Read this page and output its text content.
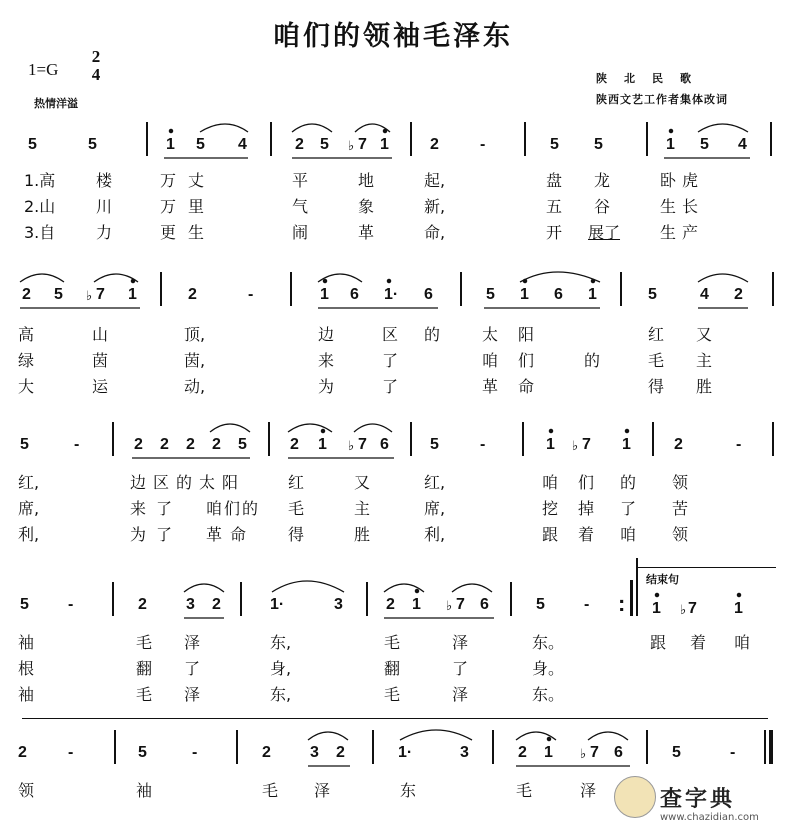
咱们的领袖毛泽东
1=G
2
4
热情洋溢
陕　北　民　歌
陕西文艺工作者集体改词
5	5	1 5 4	2 5 7 1	2	-	5 5	1 5 4
1.高	楼	万丈	平	地	起,	盘 龙	卧虎
2.山	川	万里	气	象	新,	五 谷	生长
3.自	力	更生	闹	革	命,	开 展了 生产
2 5 7 1	2	-	1 6 1· 6	5 1 6 1	5	4 2
高	山	顶,	边	区 的	太 阳	红 又
绿	茵	茵,	来	了	咱 们	的	毛 主
大	运	动,	为	了	革 命	得 胜
5	-	2 2 2 2 5	2 1 7 6	5	-	1 7 1	2	-
红,	边区的太阳	红	又	红,	咱 们 的 领
席,	来了 咱们的 毛	主	席,	挖 掉 了 苦
利,	为了 革命 得	胜	利,	跟 着 咱 领
5 -	2 3 2	1·	3	2 1 7 6	5 - :
结束句
1 7 1
袖	毛 泽	东,	毛	泽	东。	跟 着 咱
根	翻 了	身,	翻	了	身。
袖	毛 泽	东,	毛	泽	东。
2	-	5	-	2 3 2	1·	3	2 1 7 6	5	-
领	袖	毛 泽	东	毛	泽
♭
♭
♭	♭
♭	♭
♭
查字典
www.chazidian.com
